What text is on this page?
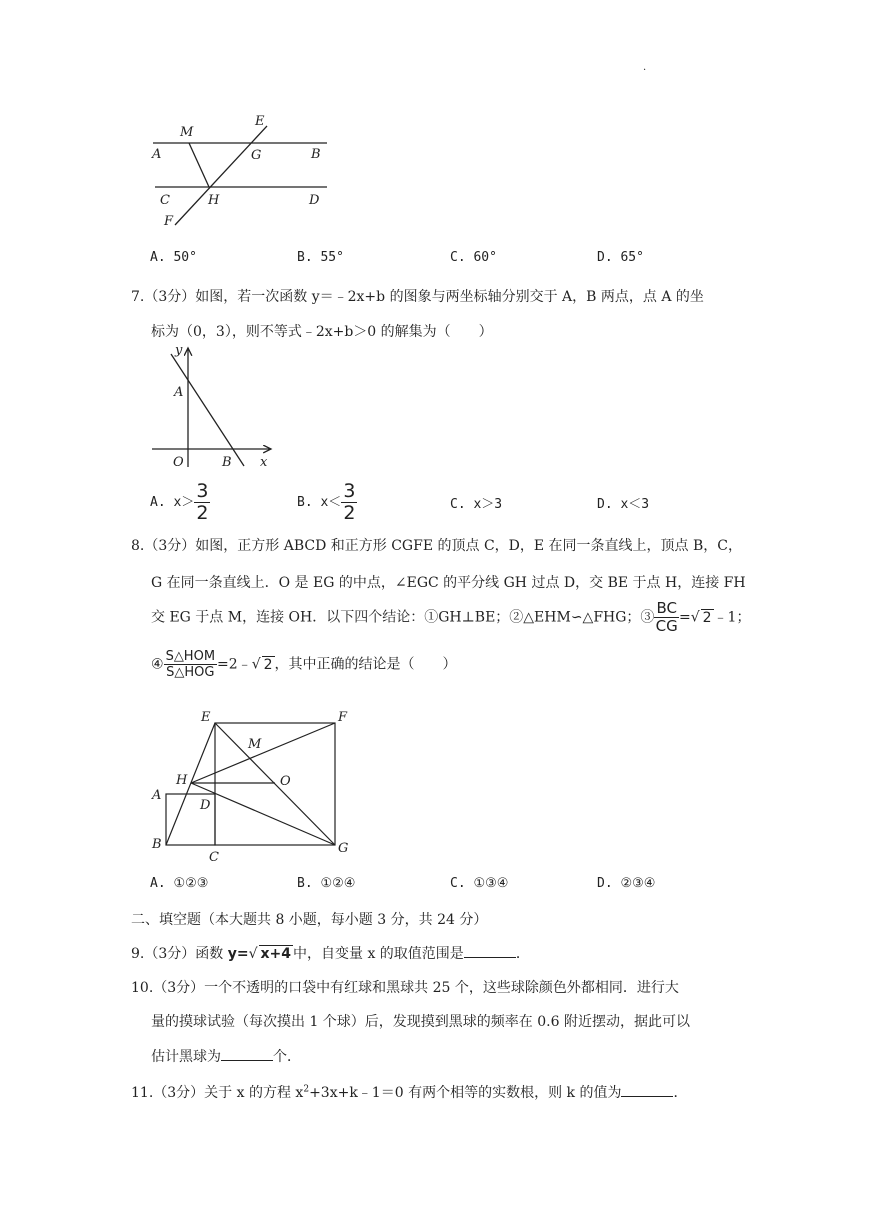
.
M
E
A	G	B
C	H	D
F
A. 50°	B. 55°	C. 60°	D. 65°
7.（3分）如图，若一次函数 y＝﹣2x+b 的图象与两坐标轴分别交于 A，B 两点，点 A 的坐
标为（0，3），则不等式﹣2x+b＞0 的解集为（　　）
y
A
O	B x
A. $x> \frac{3}{2}$	B. $x< \frac{3}{2}$	C. x＞3	D. x＜3
8.（3分）如图，正方形 ABCD 和正方形 CGFE 的顶点 C，D，E 在同一条直线上，顶点 B，C，
G 在同一条直线上．O 是 EG 的中点，∠EGC 的平分线 GH 过点 D，交 BE 于点 H，连接 FH
交 EG 于点 M，连接 OH．以下四个结论：①GH⊥BE；②△EHM∽△FHG；③ $\frac{BC}{CG}$ =√ 2 ﹣1；
④ $\frac{\text{S△HOM}}{\text{S△HOG}}$ =2﹣√ 2 ，其中正确的结论是（　　）
E	F
M
H	O
A
D
B
C
G
A. ①②③	B. ①②④	C. ①③④	D. ②③④
二、填空题（本大题共 8 小题，每小题 3 分，共 24 分）
9.（3分）函数 y=√ x+4 中，自变量 x 的取值范围是	．
10.（3分）一个不透明的口袋中有红球和黑球共 25 个，这些球除颜色外都相同．进行大
量的摸球试验（每次摸出 1 个球）后，发现摸到黑球的频率在 0.6 附近摆动，据此可以
估计黑球为	个．
11.（3分）关于 x 的方程 $x^2+3x+k﹣1=0$ 有两个相等的实数根，则 k 的值为	．
